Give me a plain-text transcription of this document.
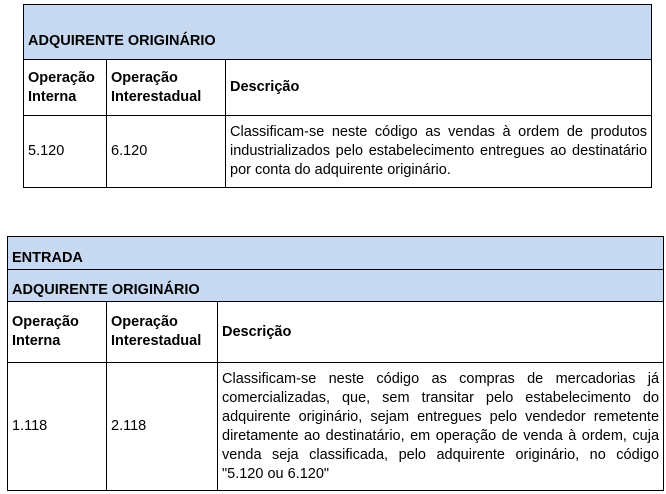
ADQUIRENTE ORIGINÁRIO		
Operação Interna	Operação Interestadual	Descrição
5.120	6.120	Classificam-se neste código as vendas à ordem de produtos industrializados pelo estabelecimento entregues ao destinatário por conta do adquirente originário.
ENTRADA		
ADQUIRENTE ORIGINÁRIO		
Operação Interna	Operação Interestadual	Descrição
1.118	2.118	Classificam-se neste código as compras de mercadorias já comercializadas, que, sem transitar pelo estabelecimento do adquirente originário, sejam entregues pelo vendedor remetente diretamente ao destinatário, em operação de venda à ordem, cuja venda seja classificada, pelo adquirente originário, no código "5.120 ou 6.120"
